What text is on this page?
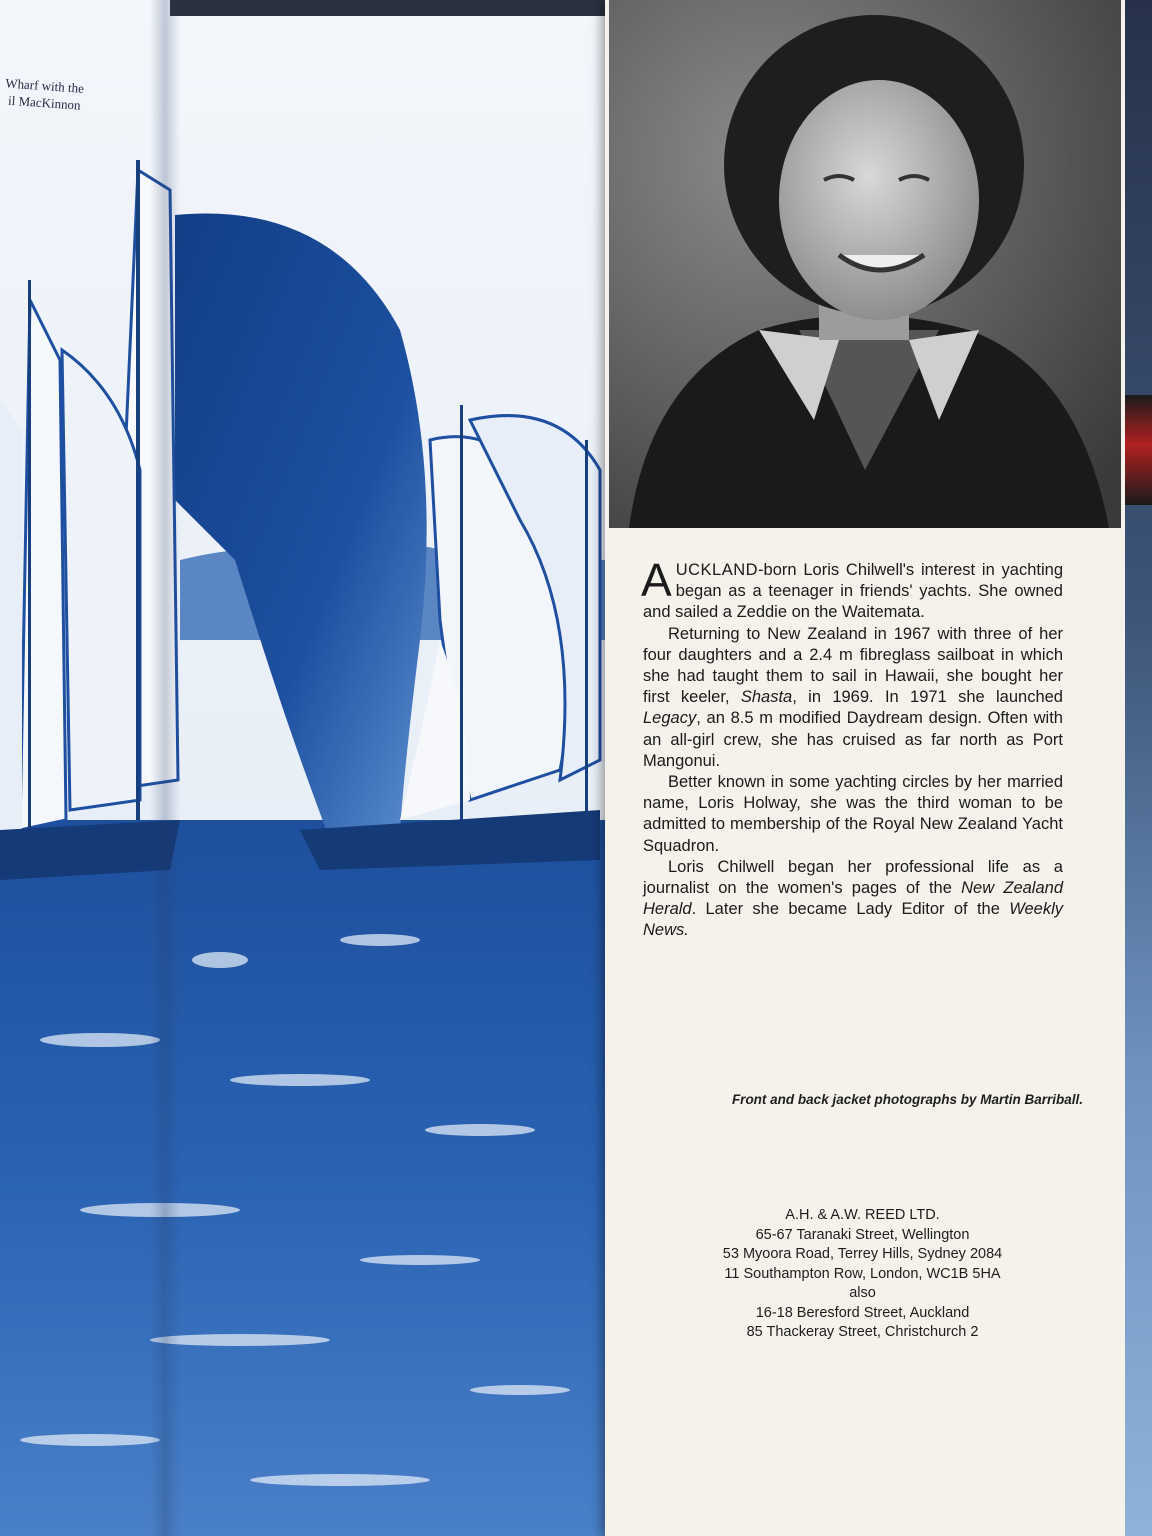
Wharf with the
il MacKinnon

AUCKLAND-born Loris Chilwell's interest in yachting began as a teenager in friends' yachts. She owned and sailed a Zeddie on the Waitemata.

Returning to New Zealand in 1967 with three of her four daughters and a 2.4 m fibreglass sailboat in which she had taught them to sail in Hawaii, she bought her first keeler, Shasta, in 1969. In 1971 she launched Legacy, an 8.5 m modified Daydream design. Often with an all-girl crew, she has cruised as far north as Port Mangonui.

Better known in some yachting circles by her married name, Loris Holway, she was the third woman to be admitted to membership of the Royal New Zealand Yacht Squadron.

Loris Chilwell began her professional life as a journalist on the women's pages of the New Zealand Herald. Later she became Lady Editor of the Weekly News.

Front and back jacket photographs by Martin Barriball.
A.H. & A.W. REED LTD.
65-67 Taranaki Street, Wellington
53 Myoora Road, Terrey Hills, Sydney 2084
11 Southampton Row, London, WC1B 5HA
also
16-18 Beresford Street, Auckland
85 Thackeray Street, Christchurch 2
